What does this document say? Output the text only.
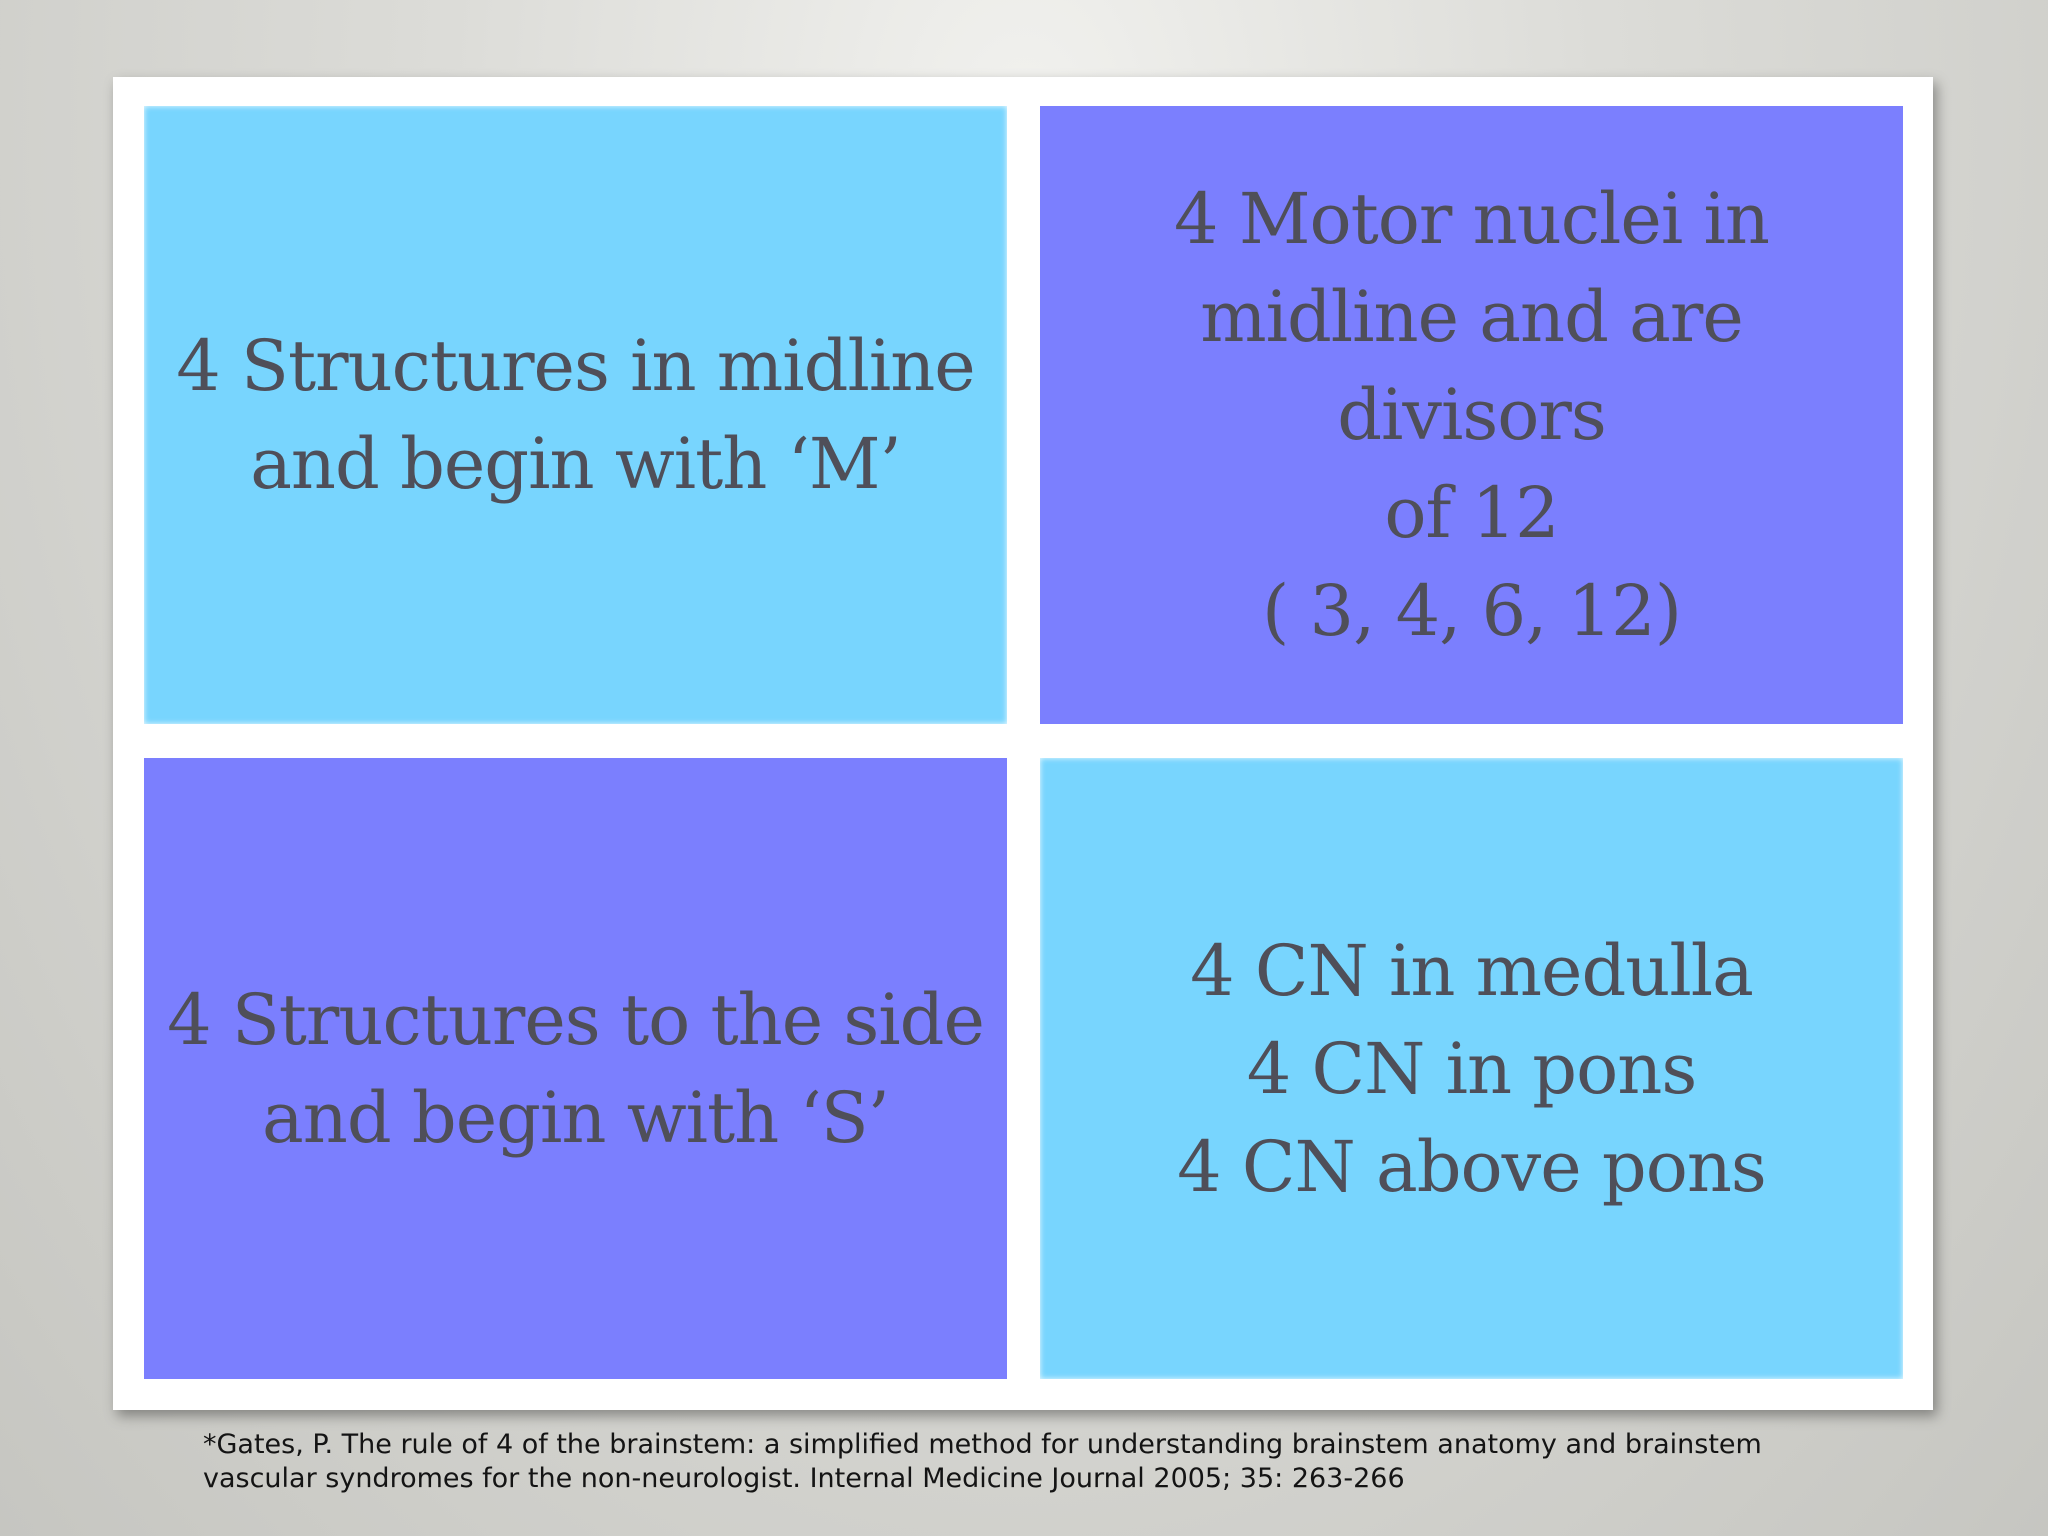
4 Structures in midline
and begin with ‘M’
4 Motor nuclei in
midline and are divisors
of 12
( 3, 4, 6, 12)
4 Structures to the side
and begin with ‘S’
4 CN in medulla
4 CN in pons
4 CN above pons
*Gates, P. The rule of 4 of the brainstem: a simplified method for understanding brainstem anatomy and brainstem
vascular syndromes for the non-neurologist. Internal Medicine Journal 2005; 35: 263-266
